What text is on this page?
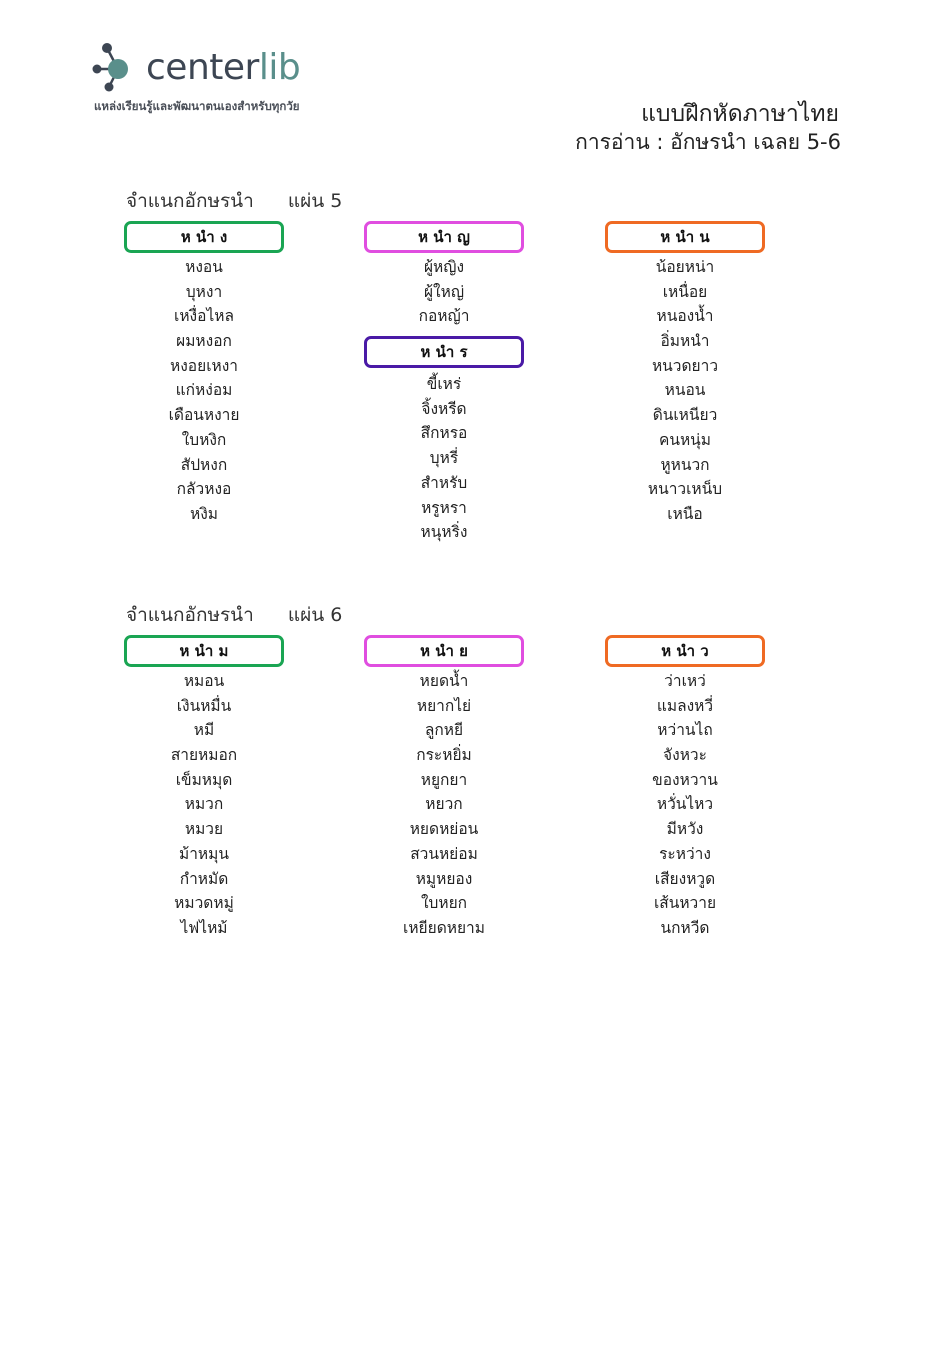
centerlib
แหล่งเรียนรู้และพัฒนาตนเองสำหรับทุกวัย	แบบฝึกหัดภาษาไทย
การอ่าน : อักษรนำ เฉลย 5-6
จำแนกอักษรนำ แผ่น 5
ห นำ ง
หงอน
บุหงา
เหงื่อไหล
ผมหงอก
หงอยเหงา
แก่หง่อม
เดือนหงาย
ใบหงิก
สัปหงก
กลัวหงอ
หงิม
ห นำ ญ
ผู้หญิง
ผู้ใหญ่
กอหญ้า
ห นำ ร
ขี้เหร่
จิ้งหรีด
สึกหรอ
บุหรี่
สำหรับ
หรูหรา
หนุหริ่ง
ห นำ น
น้อยหน่า
เหนื่อย
หนองน้ำ
อิ่มหนำ
หนวดยาว
หนอน
ดินเหนียว
คนหนุ่ม
หูหนวก
หนาวเหน็บ
เหนือ
จำแนกอักษรนำ แผ่น 6
ห นำ ม
หมอน
เงินหมื่น
หมี
สายหมอก
เข็มหมุด
หมวก
หมวย
ม้าหมุน
กำหมัด
หมวดหมู่
ไฟไหม้
ห นำ ย
หยดน้ำ
หยากไย่
ลูกหยี
กระหยิ่ม
หยูกยา
หยวก
หยดหย่อน
สวนหย่อม
หมูหยอง
ใบหยก
เหยียดหยาม
ห นำ ว
ว่าเหว่
แมลงหวี่
หว่านไถ
จังหวะ
ของหวาน
หวั่นไหว
มีหวัง
ระหว่าง
เสียงหวูด
เส้นหวาย
นกหวีด
